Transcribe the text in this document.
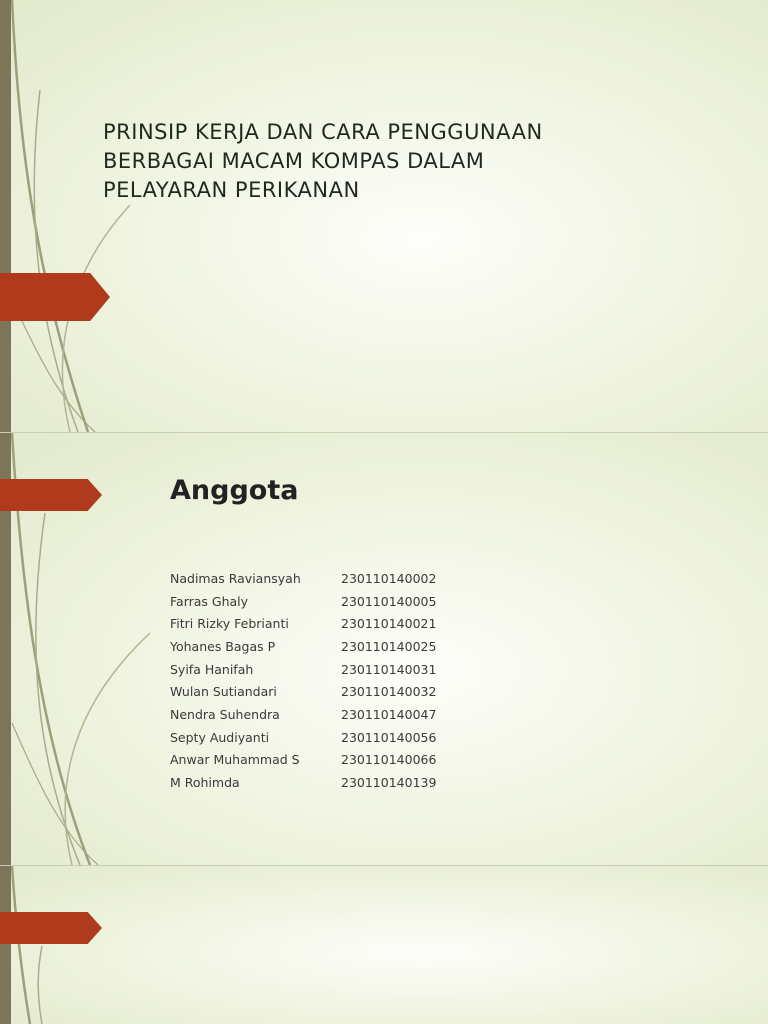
PRINSIP KERJA DAN CARA PENGGUNAAN
BERBAGAI MACAM KOMPAS DALAM
PELAYARAN PERIKANAN
Anggota
Nadimas Raviansyah	230110140002
Farras Ghaly	230110140005
Fitri Rizky Febrianti	230110140021
Yohanes Bagas P	230110140025
Syifa Hanifah	230110140031
Wulan Sutiandari	230110140032
Nendra Suhendra	230110140047
Septy Audiyanti	230110140056
Anwar Muhammad S	230110140066
M Rohimda	230110140139
